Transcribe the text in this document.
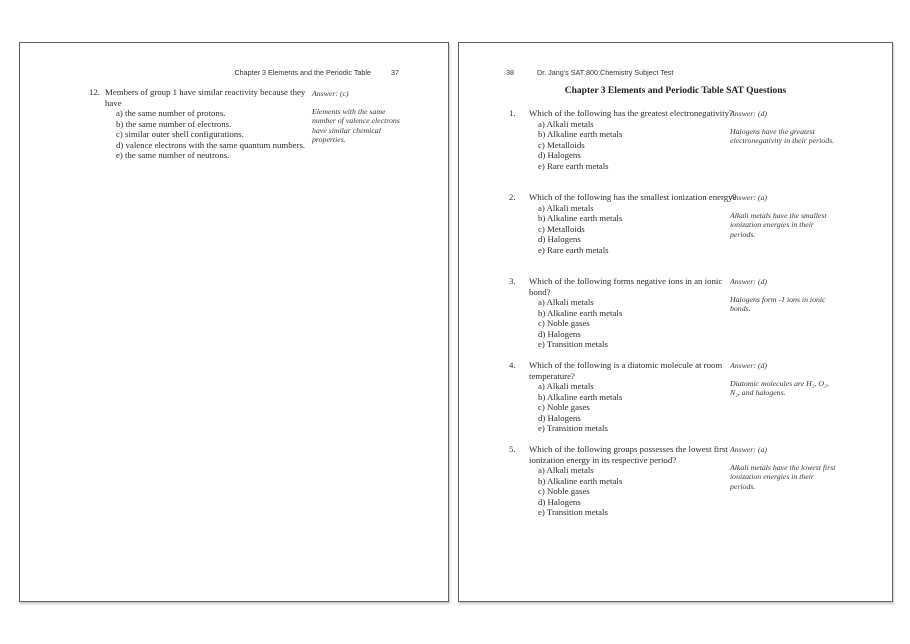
Chapter 3 Elements and the Periodic Table	37
12. Members of group 1 have similar reactivity because they have
a) the same number of protons.
b) the same number of electrons.
c) similar outer shell configurations.
d) valence electrons with the same quantum numbers.
e) the same number of neutrons.
Answer: (c)
Elements with the same number of valence electrons have similar chemical properties.
38	Dr. Jang's SAT 800 Chemistry Subject Test
Chapter 3 Elements and Periodic Table SAT Questions
1.	Which of the following has the greatest electronegativity?
a) Alkali metals
b) Alkaline earth metals
c) Metalloids
d) Halogens
e) Rare earth metals
Answer: (d)
Halogens have the greatest electronegativity in their periods.
2.	Which of the following has the smallest ionization energy?
a) Alkali metals
b) Alkaline earth metals
c) Metalloids
d) Halogens
e) Rare earth metals
Answer: (a)
Alkali metals have the smallest ionization energies in their periods.
3.	Which of the following forms negative ions in an ionic bond?
a) Alkali metals
b) Alkaline earth metals
c) Noble gases
d) Halogens
e) Transition metals
Answer: (d)
Halogens form -1 ions in ionic bonds.
4.	Which of the following is a diatomic molecule at room temperature?
a) Alkali metals
b) Alkaline earth metals
c) Noble gases
d) Halogens
e) Transition metals
Answer: (d)
Diatomic molecules are H₂, O₂, N₂, and halogens.
5.	Which of the following groups possesses the lowest first ionization energy in its respective period?
a) Alkali metals
b) Alkaline earth metals
c) Noble gases
d) Halogens
e) Transition metals
Answer: (a)
Alkali metals have the lowest first ionization energies in their periods.
